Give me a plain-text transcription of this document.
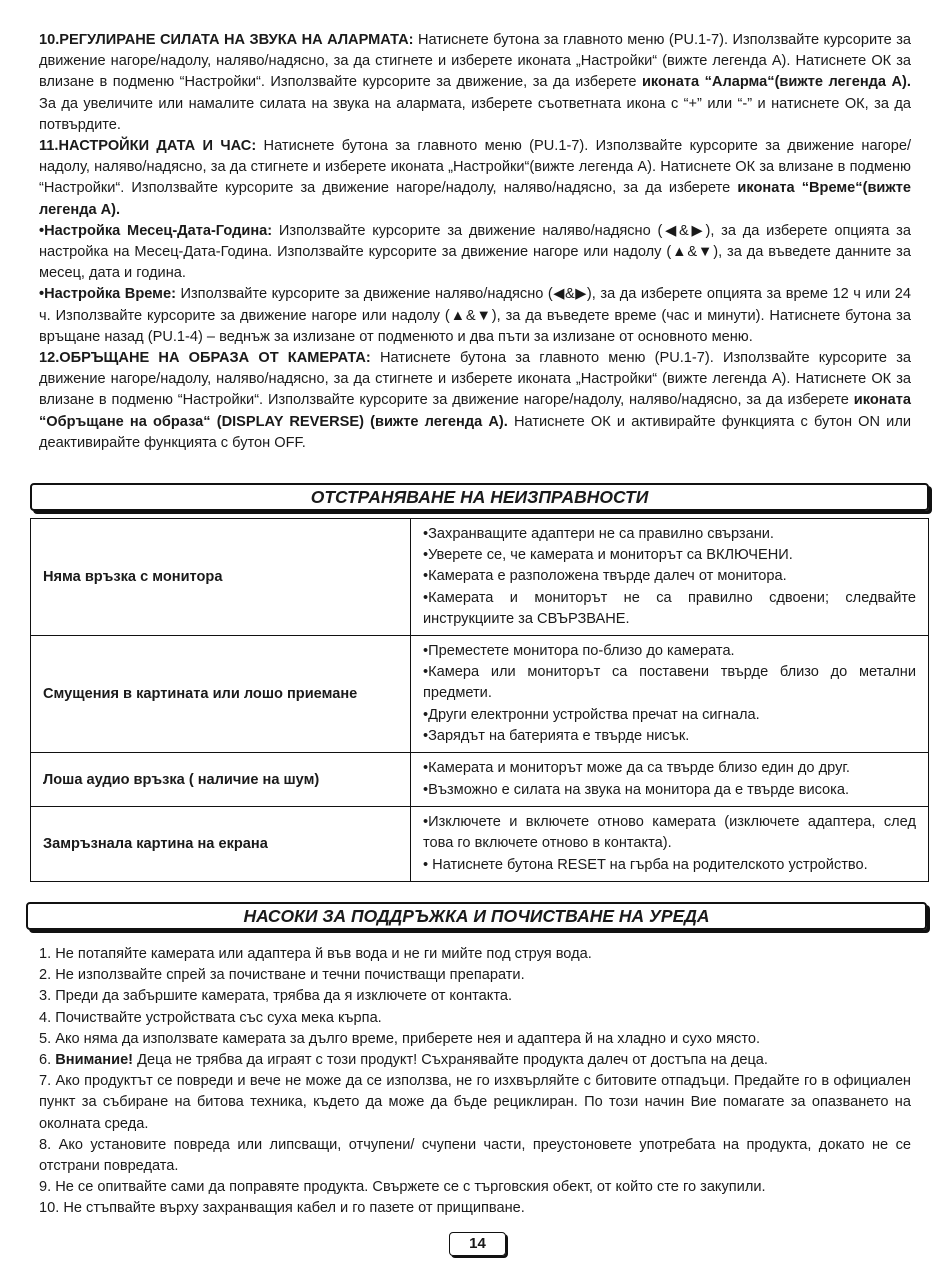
10.РЕГУЛИРАНЕ СИЛАТА НА ЗВУКА НА АЛАРМАТА: Натиснете бутона за главното меню (PU.1-7). Използвайте курсорите за движение нагоре/надолу, наляво/надясно, за да стигнете и изберете иконата „Настройки“ (вижте легенда А). Натиснете ОК за влизане в подменю “Настройки“. Използвайте курсорите за движение, за да изберете иконата “Аларма“(вижте легенда А). За да увеличите или намалите силата на звука на алармата, изберете съответната икона с “+” или “-” и натиснете ОК, за да потвърдите.

11.НАСТРОЙКИ ДАТА И ЧАС: Натиснете бутона за главното меню (PU.1-7). Използвайте курсорите за движение нагоре/надолу, наляво/надясно, за да стигнете и изберете иконата „Настройки“(вижте легенда А). Натиснете ОК за влизане в подменю “Настройки“. Използвайте курсорите за движение нагоре/надолу, наляво/надясно, за да изберете иконата “Време“(вижте легенда А).

•Настройка Месец-Дата-Година: Използвайте курсорите за движение наляво/надясно (◀&▶), за да изберете опцията за настройка на Месец-Дата-Година. Използвайте курсорите за движение нагоре или надолу (▲&▼), за да въведете данните за месец, дата и година.

•Настройка Време: Използвайте курсорите за движение наляво/надясно (◀&▶), за да изберете опцията за време 12 ч или 24 ч. Използвайте курсорите за движение нагоре или надолу (▲&▼), за да въведете време (час и минути). Натиснете бутона за връщане назад (PU.1-4) – веднъж за излизане от подменюто и два пъти за излизане от основното меню.

12.ОБРЪЩАНЕ НА ОБРАЗА ОТ КАМЕРАТА: Натиснете бутона за главното меню (PU.1-7). Използвайте курсорите за движение нагоре/надолу, наляво/надясно, за да стигнете и изберете иконата „Настройки“ (вижте легенда А). Натиснете ОК за влизане в подменю “Настройки“. Използвайте курсорите за движение нагоре/надолу, наляво/надясно, за да изберете иконата “Обръщане на образа“ (DISPLAY REVERSE) (вижте легенда А). Натиснете ОК и активирайте функцията с бутон ON или деактивирайте функцията с бутон OFF.

ОТСТРАНЯВАНЕ НА НЕИЗПРАВНОСТИ
Няма връзка с монитора	•Захранващите адаптери не са правилно свързани.
•Уверете се, че камерата и мониторът са ВКЛЮЧЕНИ.
•Камерата е разположена твърде далеч от монитора.
•Камерата и мониторът не са правилно сдвоени; следвайте инструкциите за СВЪРЗВАНЕ.

Смущения в картината или лошо приемане	•Преместете монитора по-близо до камерата.
•Камера или мониторът са поставени твърде близо до метални предмети.
•Други електронни устройства пречат на сигнала.
•Зарядът на батерията е твърде нисък.

Лоша аудио връзка ( наличие на шум)	•Камерата и мониторът може да са твърде близо един до друг.
•Възможно е силата на звука на монитора да е твърде висока.

Замръзнала картина на екрана	•Изключете и включете отново камерата (изключете адаптера, след това го включете отново в контакта).
• Натиснете бутона RESET на гърба на родителското устройство.
НАСОКИ ЗА ПОДДРЪЖКА И ПОЧИСТВАНЕ НА УРЕДА
1. Не потапяйте камерата или адаптера й във вода и не ги мийте под струя вода.
2. Не използвайте спрей за почистване и течни почистващи препарати.
3. Преди да забършите камерата, трябва да я изключете от контакта.
4. Почиствайте устройствата със суха мека кърпа.
5. Ако няма да използвате камерата за дълго време, приберете нея и адаптера й на хладно и сухо място.
6. Внимание! Деца не трябва да играят с този продукт! Съхранявайте продукта далеч от достъпа на деца.
7. Ако продуктът се повреди и вече не може да се използва, не го изхвърляйте с битовите отпадъци. Предайте го в официален пункт за събиране на битова техника, където да може да бъде рециклиран. По този начин Вие помагате за опазването на околната среда.
8. Ако установите повреда или липсващи, отчупени/ счупени части, преустоновете употребата на продукта, докато не се отстрани повредата.
9. Не се опитвайте сами да поправяте продукта. Свържете се с търговския обект, от който сте го закупили.
10. Не стъпвайте върху захранващия кабел и го пазете от прищипване.
14
